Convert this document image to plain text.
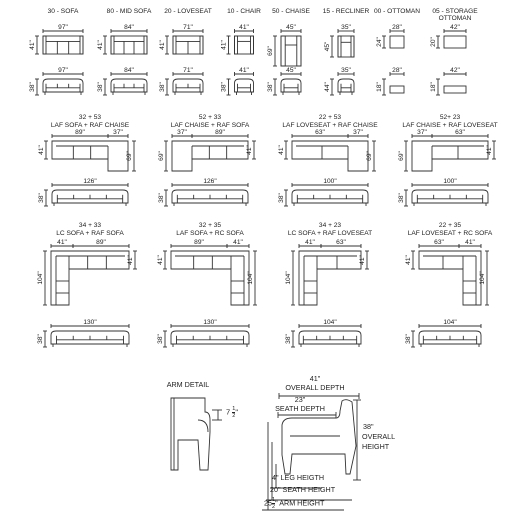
97"
41"
97"
38"
84"
41"
84"
38"
71"
41"
71"
38"
41"
41"
41"
38"
45"
69"
45"
38"
35"
45"
35"
44"
28"
24"
28"
18"
42"
20"
42"
18"
89"	37"
41"
69"
126"
38"
37"	89"
69"
41"
126"
38"
63"	37"
41"
69"
100"
38"
37"	63"
69"
41"
100"
38"
41"	89"
104"
41"
130"
38"
89"	41"
41"
104"
130"
38"
41"	63"
104"
41"
104"
38"
63"	41"
41"
104"
104"
38"
30 - SOFA	80 - MID SOFA 20 - LOVESEAT 10 - CHAIR 50 - CHAISE 15 - RECLINER 00 - OTTOMAN 05 - STORAGE
OTTOMAN
32 + 53
LAF SOFA + RAF CHAISE
52 + 33
LAF CHAISE + RAF SOFA
22 + 53
LAF LOVESEAT + RAF CHAISE
52+ 23
LAF CHAISE + RAF LOVESEAT
34 + 33
LC SOFA + RAF SOFA
32 + 35
LAF SOFA + RC SOFA
34 + 23
LC SOFA + RAF LOVESEAT
22 + 35
LAF LOVESEAT + RC SOFA
ARM DETAIL
$7 \frac{1}{2}$ "
41"
OVERALL DEPTH
23"
SEATH DEPTH
38"
OVERALL
HEIGHT
4" LEG HEIGTH
20" SEATH HEIGHT
$25 \frac{1}{2}$ " ARM HEIGHT
